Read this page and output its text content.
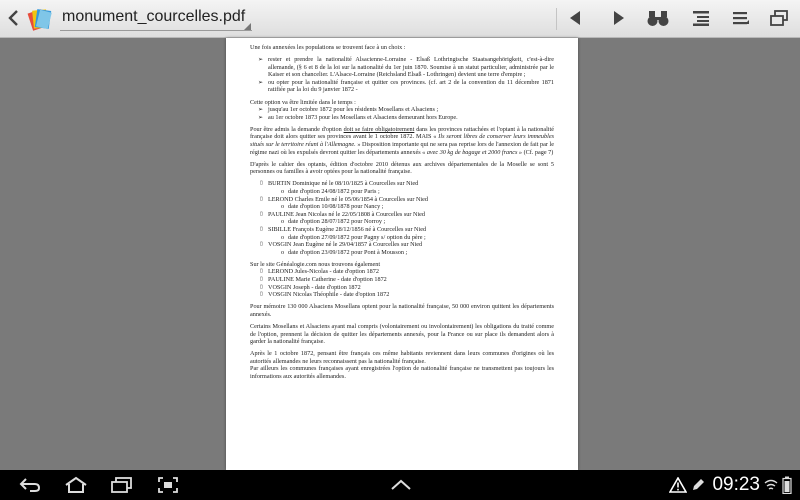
monument_courcelles.pdf

Une fois annexées les populations se trouvent face à un choix :

➢ rester et prendre la nationalité Alsacienne-Lorraine - Elsaß Lothringische Staatsangehörigkeit, c'est-à-dire allemande, (§ 6 et 8 de la loi sur la nationalité du 1er juin 1870. Soumise à un statut particulier, administrée par le Kaiser et son chancelier. L'Alsace-Lorraine (Reichsland Elsaß - Lothringen) devient une terre d'empire ;
➢ ou opter pour la nationalité française et quitter ces provinces. (cf. art 2 de la convention du 11 décembre 1871 ratifiée par la loi du 9 janvier 1872 -

Cette option va être limitée dans le temps :

➢ jusqu'au 1er octobre 1872 pour les résidents Mosellans et Alsaciens ;
➢ au 1er octobre 1873 pour les Mosellans et Alsaciens demeurant hors Europe.

Pour être admis la demande d'option doit se faire obligatoirement dans les provinces rattachées et l'optant à la nationalité française doit alors quitter ses provinces avant le 1 octobre 1872. MAIS « Ils seront libres de conserver leurs immeubles situés sur le territoire réuni à l'Allemagne. » Disposition importante qui ne sera pas reprise lors de l'annexion de fait par le régime nazi où les expulsés devront quitter les départements annexés « avec 30 kg de bagage et 2000 francs » (Cf. page 7)

D'après le cahier des optants, édition d'octobre 2010 détenus aux archives départementales de la Moselle se sont 5 personnes ou familles à avoir optées pour la nationalité française.

▯ BURTIN Dominique né le 08/10/1825 à Courcelles sur Nied
o date d'option 24/08/1872 pour Paris ;
▯ LEROND Charles Emile né le 05/06/1854 à Courcelles sur Nied
o date d'option 10/08/1878 pour Nancy ;
▯ PAULINE Jean Nicolas né le 22/05/1808 à Courcelles sur Nied
o date d'option 28/07/1872 pour Norroy ;
▯ SIBILLE François Eugène 28/12/1856 né à Courcelles sur Nied
o date d'option 27/09/1872 pour Pagny s/ option du père ;
▯ VOSGIN Jean Eugène né le 29/04/1857 à Courcelles sur Nied
o date d'option 23/09/1872 pour Pont à Mousson ;

Sur le site Généalogie.com nous trouvons également

▯ LEROND Jules-Nicolas - date d'option 1872
▯ PAULINE Marie Catherine - date d'option 1872
▯ VOSGIN Joseph - date d'option 1872
▯ VOSGIN Nicolas Théophile - date d'option 1872

Pour mémoire 130 000 Alsaciens Mosellans optent pour la nationalité française, 50 000 environ quittent les départements annexés.

Certains Mosellans et Alsaciens ayant mal compris (volontairement ou involontairement) les obligations du traité comme de l'option, prennent la décision de quitter les départements annexés, pour la France ou sur place ils demandent alors à garder la nationalité française.

Après le 1 octobre 1872, pensant être français ces même habitants reviennent dans leurs communes d'origines où les autorités allemandes ne leurs reconnaissent pas la nationalité française.

Par ailleurs les communes françaises ayant enregistrées l'option de nationalité française ne transmettent pas toujours les informations aux autorités allemandes.

09:23
